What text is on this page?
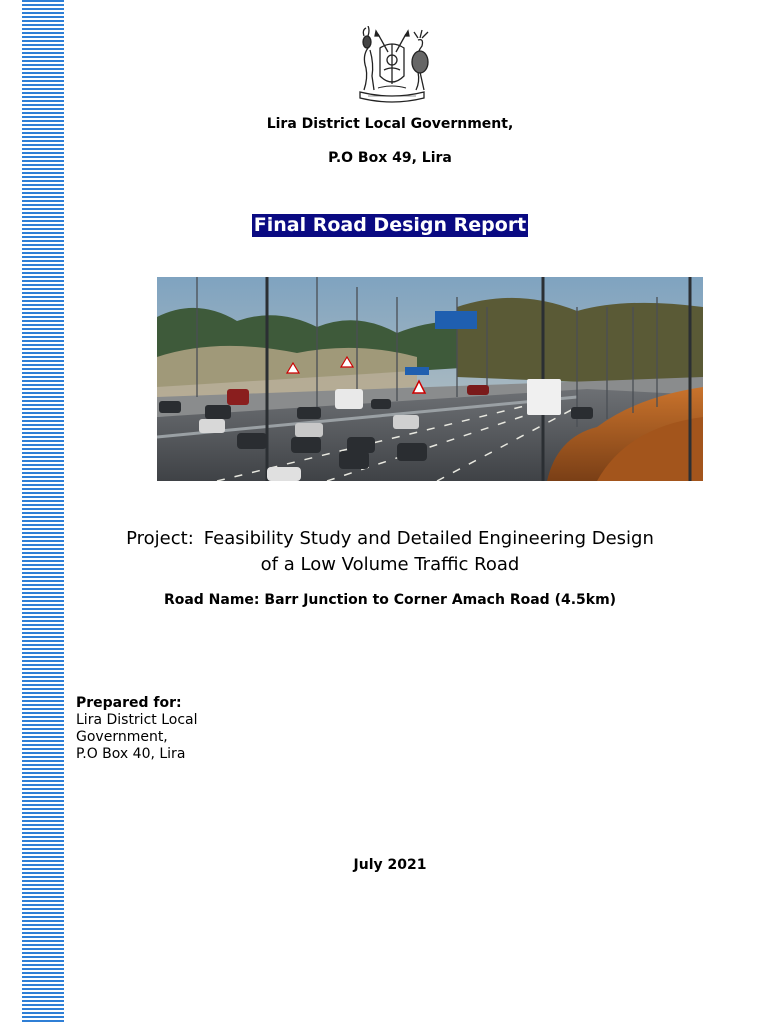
Lira District Local Government,
P.O Box 49, Lira
Final Road Design Report
Project: Feasibility Study and Detailed Engineering Design
of a Low Volume Traffic Road
Road Name: Barr Junction to Corner Amach Road (4.5km)
Prepared for:
Lira District Local
Government,
P.O Box 40, Lira
July 2021
